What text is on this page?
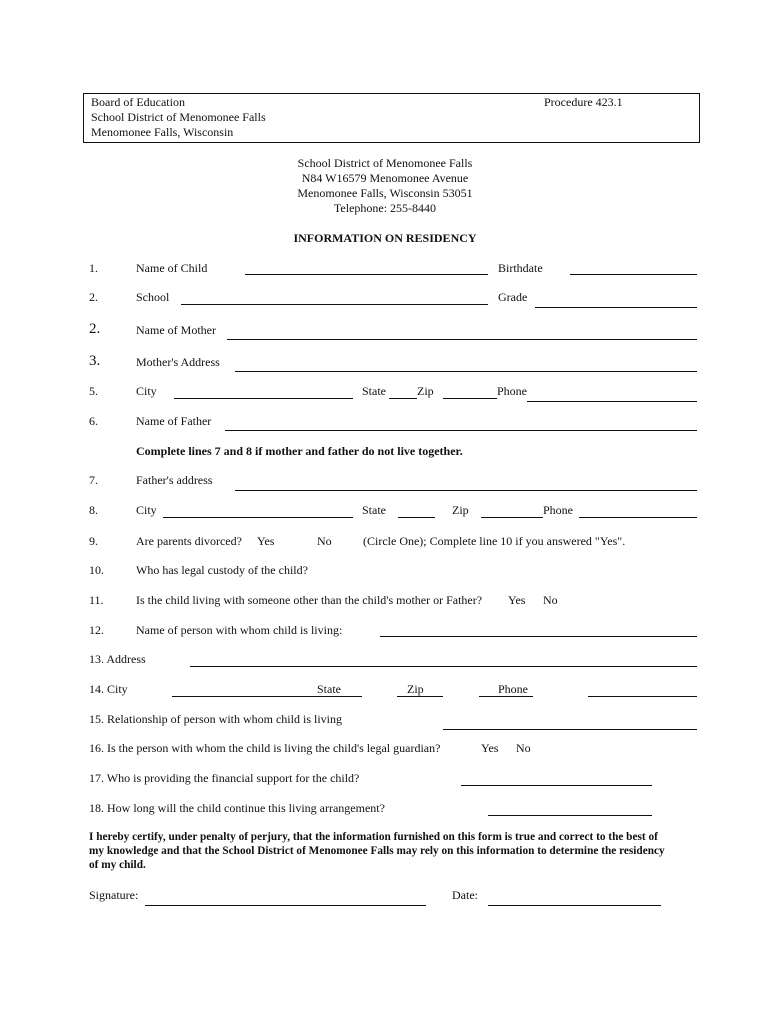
Board of Education
School District of Menomonee Falls
Menomonee Falls, Wisconsin
Procedure 423.1
School District of Menomonee Falls
N84 W16579 Menomonee Avenue
Menomonee Falls, Wisconsin 53051
Telephone: 255-8440
INFORMATION ON RESIDENCY
1.	Name of Child	Birthdate
2.	School	Grade
2.	Name of Mother
3.	Mother's Address
5.	City	State	Zip	Phone
6.	Name of Father
Complete lines 7 and 8 if mother and father do not live together.
7.	Father's address
8.	City	State	Zip	Phone
9.	Are parents divorced? Yes	No	(Circle One); Complete line 10 if you answered "Yes".
10.	Who has legal custody of the child?
11.	Is the child living with someone other than the child's mother or Father? Yes No
12.	Name of person with whom child is living:
13. Address
14. City	State	Zip	Phone
15. Relationship of person with whom child is living
16. Is the person with whom the child is living the child's legal guardian?	Yes No
17. Who is providing the financial support for the child?
18. How long will the child continue this living arrangement?
I hereby certify, under penalty of perjury, that the information furnished on this form is true and correct to the best of
my knowledge and that the School District of Menomonee Falls may rely on this information to determine the residency
of my child.
Signature:	Date:
